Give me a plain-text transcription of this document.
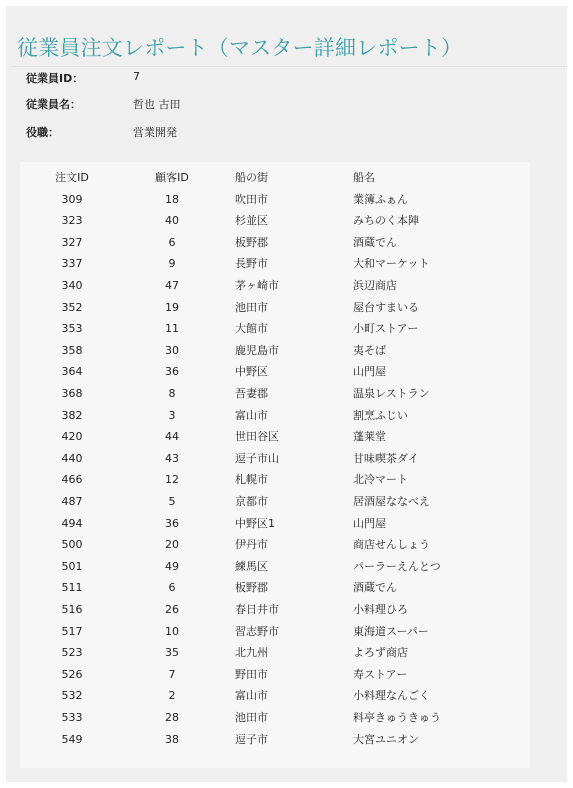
従業員注文レポート（マスター詳細レポート）
従業員ID：	7
従業員名：	哲也 古田
役職：	営業開発
注文ID	顧客ID	船の街	船名
309	18	吹田市	業簿ふぁん
323	40	杉並区	みちのく本陣
327	6	板野郡	酒蔵でん
337	9	長野市	大和マーケット
340	47	茅ヶ崎市	浜辺商店
352	19	池田市	屋台すまいる
353	11	大館市	小町ストアー
358	30	鹿児島市	夷そば
364	36	中野区	山門屋
368	8	吾妻郡	温泉レストラン
382	3	富山市	割烹ふじい
420	44	世田谷区	蓬莱堂
440	43	逗子市山	甘味喫茶ダイ
466	12	札幌市	北冷マート
487	5	京都市	居酒屋ななべえ
494	36	中野区1	山門屋
500	20	伊丹市	商店せんしょう
501	49	練馬区	パーラーえんとつ
511	6	板野郡	酒蔵でん
516	26	春日井市	小料理ひろ
517	10	習志野市	東海道スーパー
523	35	北九州	よろず商店
526	7	野田市	寿ストアー
532	2	富山市	小料理なんごく
533	28	池田市	料亭きゅうきゅう
549	38	逗子市	大宮ユニオン
